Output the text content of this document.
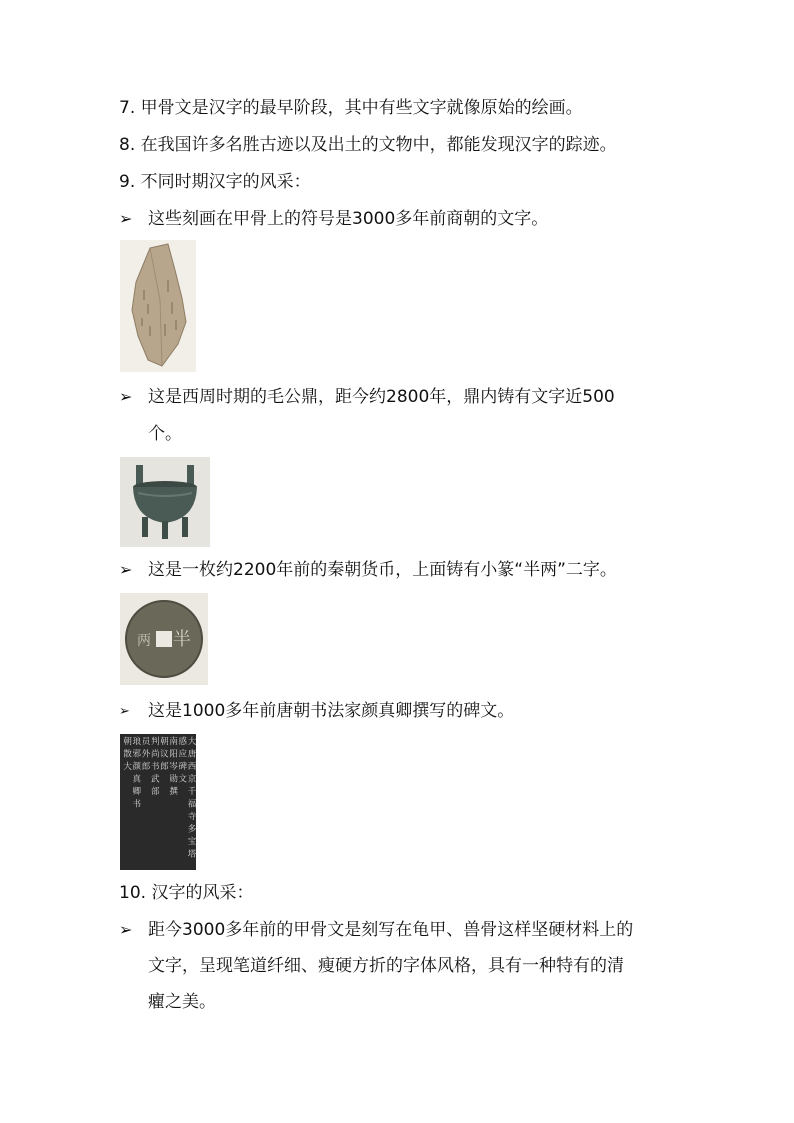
7. 甲骨文是汉字的最早阶段，其中有些文字就像原始的绘画。
8. 在我国许多名胜古迹以及出土的文物中，都能发现汉字的踪迹。
9. 不同时期汉字的风采：
➢ 这些刻画在甲骨上的符号是3000多年前商朝的文字。
➢ 这是西周时期的毛公鼎，距今约2800年，鼎内铸有文字近500
个。
➢ 这是一枚约2200年前的秦朝货币，上面铸有小篆“半两”二字。
半
两
➢ 这是1000多年前唐朝书法家颜真卿撰写的碑文。
大
唐
西
京
千
福
寺
多
宝
塔
感
应
碑
文
南
阳
岑
勋
撰
朝
议
郎
判
尚
书
武
部
员
外
郎
琅
邪
颜
真
卿
书
朝
散
大
10. 汉字的风采：
➢ 距今3000多年前的甲骨文是刻写在龟甲、兽骨这样坚硬材料上的
文字，呈现笔道纤细、瘦硬方折的字体风格，具有一种特有的清
癯之美。
